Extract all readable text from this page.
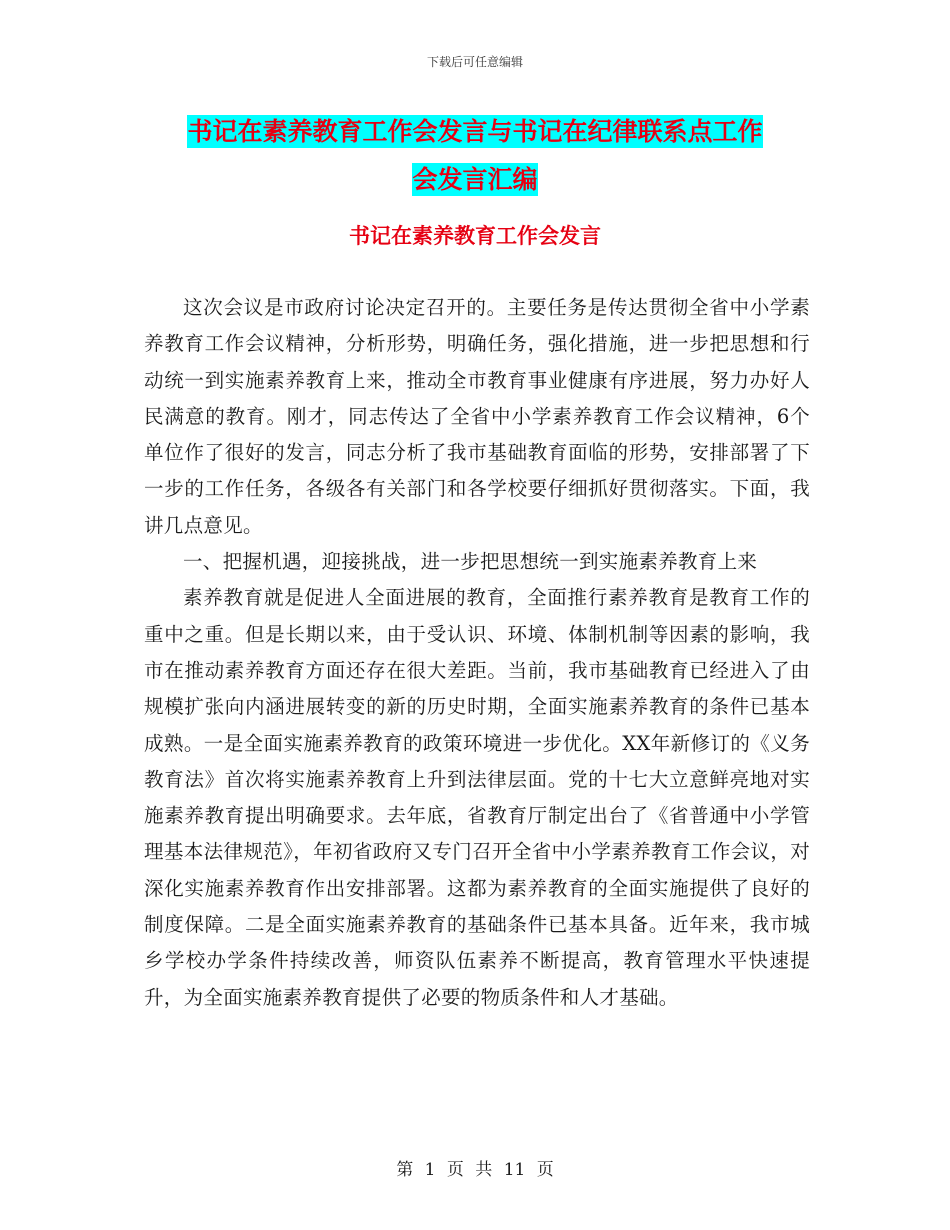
下载后可任意编辑
书记在素养教育工作会发言与书记在纪律联系点工作
会发言汇编
书记在素养教育工作会发言

这次会议是市政府讨论决定召开的。主要任务是传达贯彻全省中小学素养教育工作会议精神，分析形势，明确任务，强化措施，进一步把思想和行动统一到实施素养教育上来，推动全市教育事业健康有序进展，努力办好人民满意的教育。刚才，同志传达了全省中小学素养教育工作会议精神，6个单位作了很好的发言，同志分析了我市基础教育面临的形势，安排部署了下一步的工作任务，各级各有关部门和各学校要仔细抓好贯彻落实。下面，我讲几点意见。

一、把握机遇，迎接挑战，进一步把思想统一到实施素养教育上来

素养教育就是促进人全面进展的教育，全面推行素养教育是教育工作的重中之重。但是长期以来，由于受认识、环境、体制机制等因素的影响，我市在推动素养教育方面还存在很大差距。当前，我市基础教育已经进入了由规模扩张向内涵进展转变的新的历史时期，全面实施素养教育的条件已基本成熟。一是全面实施素养教育的政策环境进一步优化。XX年新修订的《义务教育法》首次将实施素养教育上升到法律层面。党的十七大立意鲜亮地对实施素养教育提出明确要求。去年底，省教育厅制定出台了《省普通中小学管理基本法律规范》，年初省政府又专门召开全省中小学素养教育工作会议，对深化实施素养教育作出安排部署。这都为素养教育的全面实施提供了良好的制度保障。二是全面实施素养教育的基础条件已基本具备。近年来，我市城乡学校办学条件持续改善，师资队伍素养不断提高，教育管理水平快速提升，为全面实施素养教育提供了必要的物质条件和人才基础。

第 1 页 共 11 页
